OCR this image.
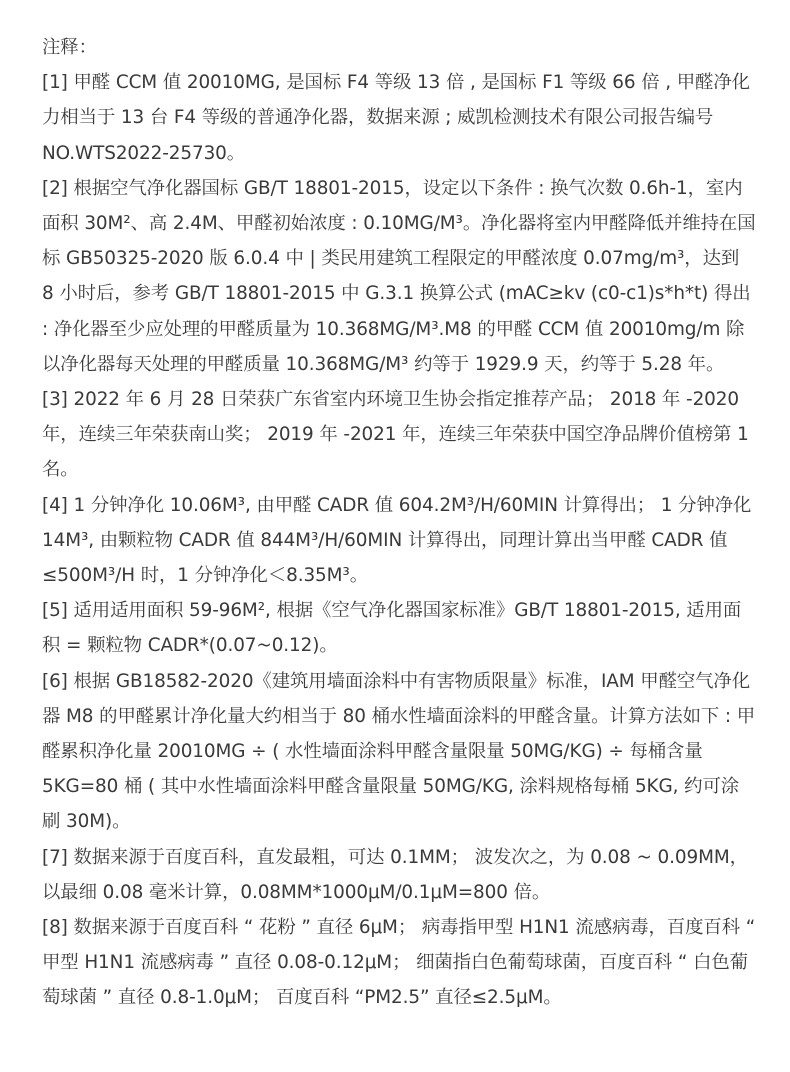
注释：

[1] 甲醛 CCM 值 20010MG, 是国标 F4 等级 13 倍 , 是国标 F1 等级 66 倍 , 甲醛净化力相当于 13 台 F4 等级的普通净化器，数据来源 ; 威凯检测技术有限公司报告编号 NO.WTS2022-25730。
[2] 根据空气净化器国标 GB/T 18801-2015，设定以下条件 : 换气次数 0.6h-1，室内面积 30M²、高 2.4M、甲醛初始浓度 : 0.10MG/M³。净化器将室内甲醛降低并维持在国标 GB50325-2020 版 6.0.4 中 | 类民用建筑工程限定的甲醛浓度 0.07mg/m³，达到 8 小时后，参考 GB/T 18801-2015 中 G.3.1 换算公式 (mAC≥kv (c0-c1)s*h*t) 得出 : 净化器至少应处理的甲醛质量为 10.368MG/M³.M8 的甲醛 CCM 值 20010mg/m 除以净化器每天处理的甲醛质量 10.368MG/M³ 约等于 1929.9 天，约等于 5.28 年。
[3] 2022 年 6 月 28 日荣获广东省室内环境卫生协会指定推荐产品； 2018 年 -2020 年，连续三年荣获南山奖； 2019 年 -2021 年，连续三年荣获中国空净品牌价值榜第 1 名。
[4] 1 分钟净化 10.06M³, 由甲醛 CADR 值 604.2M³/H/60MIN 计算得出； 1 分钟净化 14M³, 由颗粒物 CADR 值 844M³/H/60MIN 计算得出，同理计算出当甲醛 CADR 值≤500M³/H 时，1 分钟净化＜8.35M³。
[5] 适用适用面积 59-96M², 根据《空气净化器国家标准》GB/T 18801-2015, 适用面积 = 颗粒物 CADR*(0.07~0.12)。
[6] 根据 GB18582-2020《建筑用墙面涂料中有害物质限量》标准，IAM 甲醛空气净化器 M8 的甲醛累计净化量大约相当于 80 桶水性墙面涂料的甲醛含量。计算方法如下 : 甲醛累积净化量 20010MG ÷ ( 水性墙面涂料甲醛含量限量 50MG/KG) ÷ 每桶含量 5KG=80 桶 ( 其中水性墙面涂料甲醛含量限量 50MG/KG, 涂料规格每桶 5KG, 约可涂刷 30M)。
[7] 数据来源于百度百科，直发最粗，可达 0.1MM； 波发次之，为 0.08 ~ 0.09MM，以最细 0.08 毫米计算，0.08MM*1000μM/0.1μM=800 倍。
[8] 数据来源于百度百科 “ 花粉 ” 直径 6μM； 病毒指甲型 H1N1 流感病毒，百度百科 “ 甲型 H1N1 流感病毒 ” 直径 0.08-0.12μM； 细菌指白色葡萄球菌，百度百科 “ 白色葡萄球菌 ” 直径 0.8-1.0μM； 百度百科 “PM2.5” 直径≤2.5μM。
